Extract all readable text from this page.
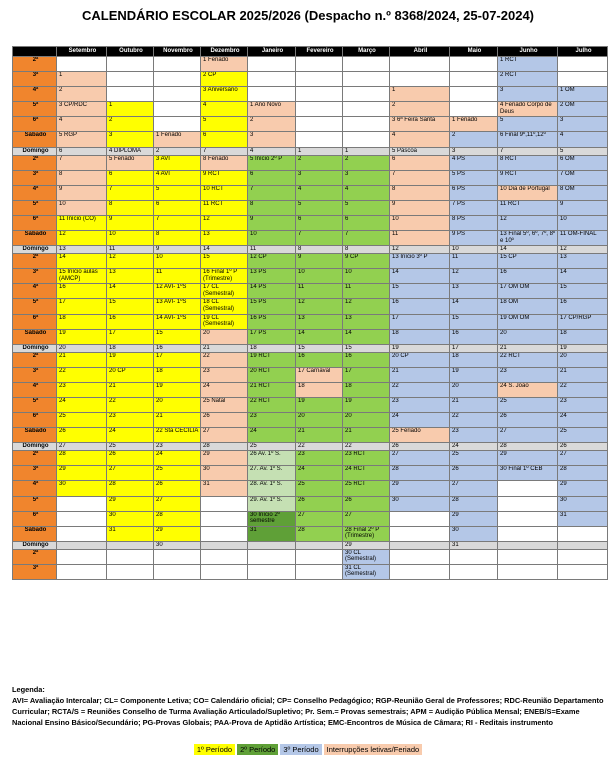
CALENDÁRIO ESCOLAR 2025/2026 (Despacho n.º 8368/2024, 25-07-2024)
	Setembro	Outubro	Novembro	Dezembro	Janeiro	Fevereiro	Março	Abril	Maio	Junho	Julho
2ª				1 Feriado						1 RCT	
3ª	1			2 CP						2 RCT	
4ª	2			3 Aniversário				1		3	1 OM
5ª	3 CP/RDC	1		4	1 Ano Novo			2		4 Feriado Corpo de Deus	2 OM
6ª	4	2		5	2			3 6ª Feira Santa	1 Feriado	5	3
Sábado	5 RGP	3	1 Feriado	6	3			4	2	6 Final 9º,11º,12º	4
Domingo	6	4 DIPLOMA	2	7	4	1	1	5 Páscoa	3	7	5
2ª	7	5 Feriado	3 AVI	8 Feriado	5 Início 2º P	2	2	6	4 PS	8 RCT	6 OM
3ª	8	6	4 AVI	9 RCT	6	3	3	7	5 PS	9 RCT	7 OM
4ª	9	7	5	10 RCT	7	4	4	8	6 PS	10 Dia de Portugal	8 OM
5ª	10	8	6	11 RCT	8	5	5	9	7 PS	11 RCT	9
6ª	11 Início (CO)	9	7	12	9	6	6	10	8 PS	12	10
Sábado	12	10	8	13	10	7	7	11	9 PS	13 Final 5º, 6º, 7º, 8º e 10º	11 OM-FINAL
Domingo	13	11	9	14	11	8	8	12	10	14	12
2ª	14	12	10	15	12 CP	9	9 CP	13 Início 3º P	11	15 CP	13
3ª	15 Início aulas (AMCP)	13	11	16 Final 1º P (Trimestre)	13 PS	10	10	14	12	16	14
4ª	16	14	12 AVI- 1ºS	17 CL (Semestral)	14 PS	11	11	15	13	17 OM OM	15
5ª	17	15	13 AVI- 1ºS	18 CL (Semestral)	15 PS	12	12	16	14	18 OM	16
6ª	18	16	14 AVI- 1ºS	19 CL (Semestral)	16 PS	13	13	17	15	19 OM OM	17 CP/RGP
Sábado	19	17	15	20	17 PS	14	14	18	16	20	18
Domingo	20	18	16	21	18	15	15	19	17	21	19
2ª	21	19	17	22	19 RCT	16	16	20 CP	18	22 RCT	20
3ª	22	20 CP	18	23	20 RCT	17 Carnaval	17	21	19	23	21
4ª	23	21	19	24	21 RCT	18	18	22	20	24 S. João	22
5ª	24	22	20	25 Natal	22 RCT	19	19	23	21	25	23
6ª	25	23	21	26	23	20	20	24	22	26	24
Sábado	26	24	22 Sta CECÍLIA	27	24	21	21	25 Feriado	23	27	25
Domingo	27	25	23	28	25	22	22	26	24	28	26
2ª	28	26	24	29	26 Av. 1º S.	23	23 RCT	27	25	29	27
3ª	29	27	25	30	27. Av. 1º S.	24	24 RCT	28	26	30 Final 1º CEB	28
4ª	30	28	26	31	28. Av. 1º S.	25	25 RCT	29	27		29
5ª		29	27		29. Av. 1º S.	26	26	30	28		30
6ª		30	28		30 Início 2º semestre	27	27		29		31
Sábado		31	29		31	28	28 Final 2º P (Trimestre)		30		
Domingo			30				29		31		
2ª							30 CL (Semestral)				
3ª							31 CL (Semestral)				
Legenda:
AVI= Avaliação Intercalar; CL= Componente Letiva; CO= Calendário oficial; CP= Conselho Pedagógico; RGP-Reunião Geral de Professores; RDC-Reunião Departamento Curricular; RCTA/S = Reuniões Conselho de Turma Avaliação Articulado/Supletivo; Pr. Sem.= Provas semestrais; APM = Audição Pública Mensal; ENEB/S=Exame Nacional Ensino Básico/Secundário; PG-Provas Globais; PAA-Prova de Aptidão Artística; EMC-Encontros de Música de Câmara; RI - Reditais instrumento
1º Período 2º Período 3º Período Interrupções letivas/Feriado
